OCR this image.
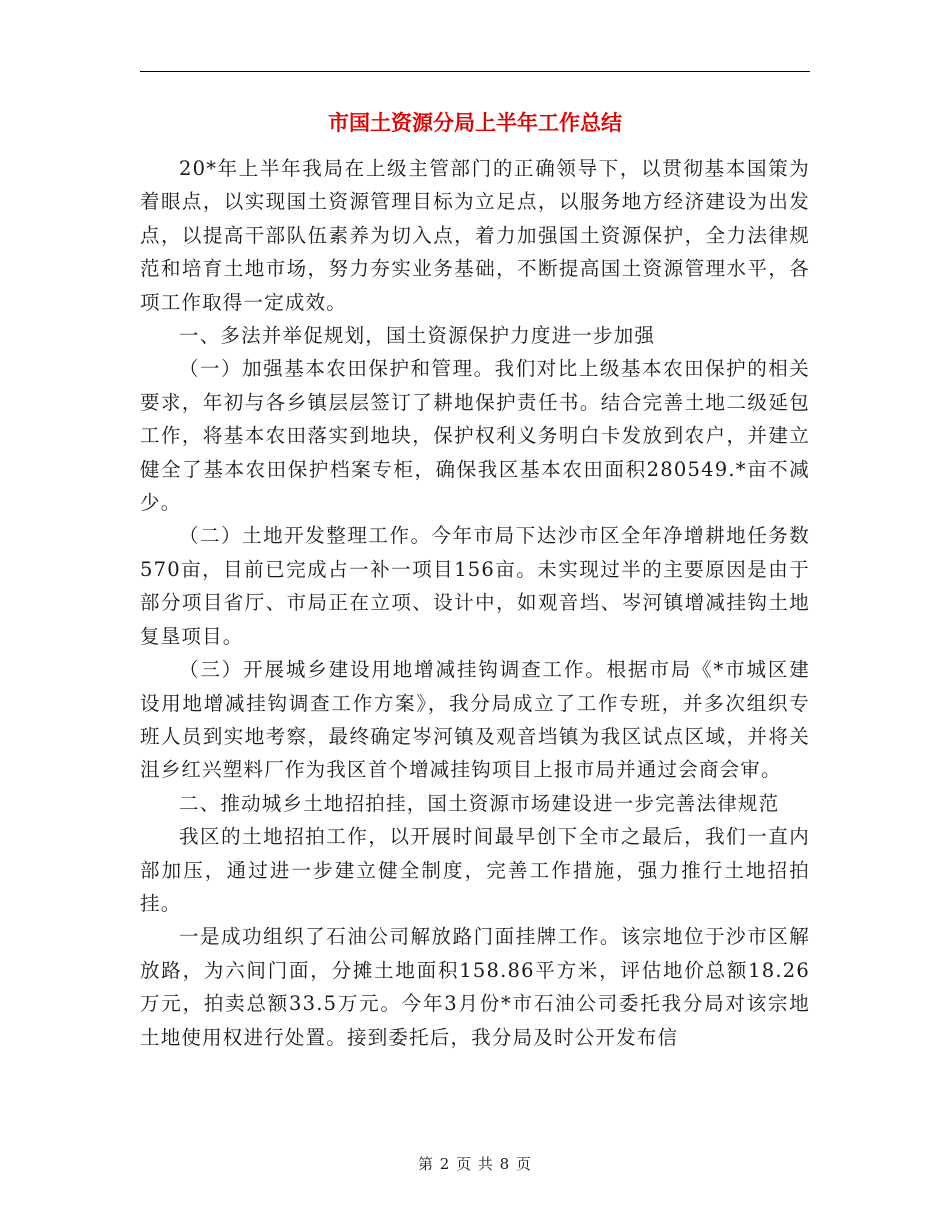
市国土资源分局上半年工作总结

20*年上半年我局在上级主管部门的正确领导下，以贯彻基本国策为着眼点，以实现国土资源管理目标为立足点，以服务地方经济建设为出发点，以提高干部队伍素养为切入点，着力加强国土资源保护，全力法律规范和培育土地市场，努力夯实业务基础，不断提高国土资源管理水平，各项工作取得一定成效。

一、多法并举促规划，国土资源保护力度进一步加强

（一）加强基本农田保护和管理。我们对比上级基本农田保护的相关要求，年初与各乡镇层层签订了耕地保护责任书。结合完善土地二级延包工作，将基本农田落实到地块，保护权利义务明白卡发放到农户，并建立健全了基本农田保护档案专柜，确保我区基本农田面积280549.*亩不减少。

（二）土地开发整理工作。今年市局下达沙市区全年净增耕地任务数570亩，目前已完成占一补一项目156亩。未实现过半的主要原因是由于部分项目省厅、市局正在立项、设计中，如观音垱、岑河镇增减挂钩土地复垦项目。

（三）开展城乡建设用地增减挂钩调查工作。根据市局《*市城区建设用地增减挂钩调查工作方案》，我分局成立了工作专班，并多次组织专班人员到实地考察，最终确定岑河镇及观音垱镇为我区试点区域，并将关沮乡红兴塑料厂作为我区首个增减挂钩项目上报市局并通过会商会审。

二、推动城乡土地招拍挂，国土资源市场建设进一步完善法律规范

我区的土地招拍工作，以开展时间最早创下全市之最后，我们一直内部加压，通过进一步建立健全制度，完善工作措施，强力推行土地招拍挂。

一是成功组织了石油公司解放路门面挂牌工作。该宗地位于沙市区解放路，为六间门面，分摊土地面积158.86平方米，评估地价总额18.26万元，拍卖总额33.5万元。今年3月份*市石油公司委托我分局对该宗地土地使用权进行处置。接到委托后，我分局及时公开发布信

第 2 页 共 8 页
